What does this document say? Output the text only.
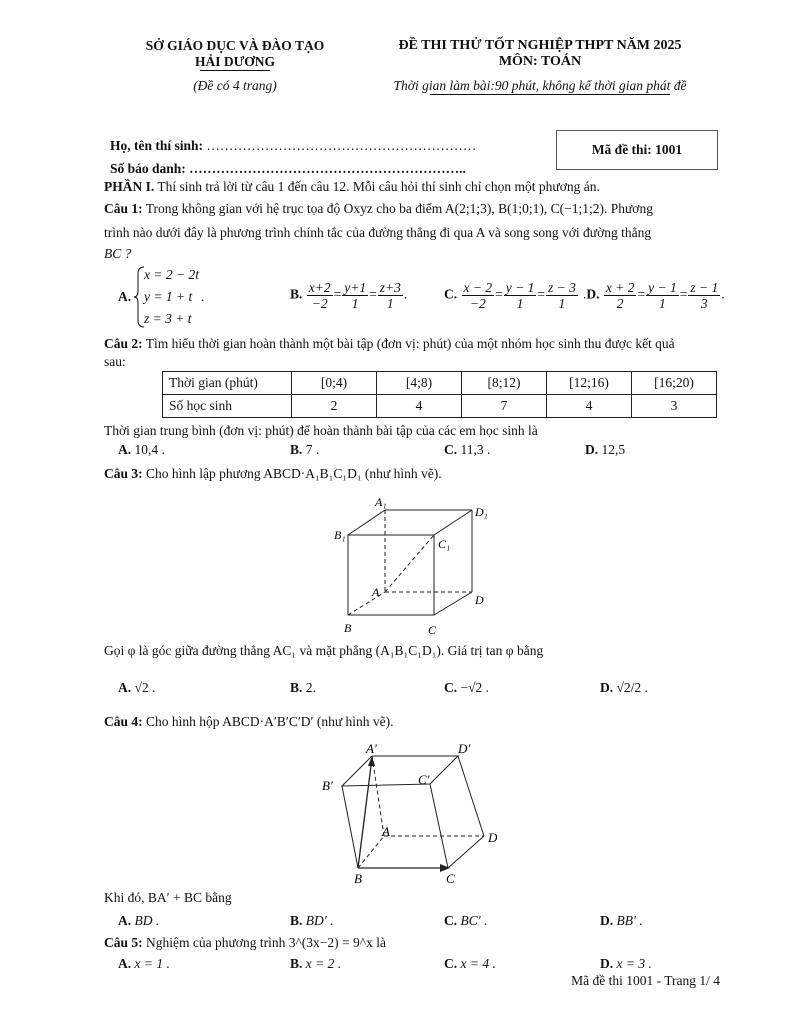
SỞ GIÁO DỤC VÀ ĐÀO TẠO
HẢI DƯƠNG
(Đề có 4 trang)
ĐỀ THI THỬ TỐT NGHIỆP THPT NĂM 2025
MÔN: TOÁN
Thời gian làm bài:90 phút, không kể thời gian phát đề
Họ, tên thí sinh: ……………………………………………………
Số báo danh: ……………………………………………………..
Mã đề thi: 1001
PHẦN I. Thí sinh trả lời từ câu 1 đến câu 12. Mỗi câu hỏi thí sinh chỉ chọn một phương án.
Câu 1: Trong không gian với hệ trục tọa độ Oxyz cho ba điểm A(2;1;3), B(1;0;1), C(−1;1;2). Phương
trình nào dưới đây là phương trình chính tắc của đường thẳng đi qua A và song song với đường thẳng
BC ?
A.
x = 2 − 2t
y = 1 + t
z = 3 + t
.	B. $\frac{x+2}{-2} = \frac{y+1}{1} = \frac{z+3}{1}$ .	C. $\frac{x - 2}{-2} = \frac{y - 1}{1} = \frac{z - 3}{1} .D$. $\frac{x + 2}{2} = \frac{y - 1}{1} = \frac{z - 1}{3}$ .
Câu 2: Tìm hiểu thời gian hoàn thành một bài tập (đơn vị: phút) của một nhóm học sinh thu được kết quả
sau:
Thời gian (phút)	[0;4)	[4;8)	[8;12)	[12;16)	[16;20)
Số học sinh	2	4	7	4	3
Thời gian trung bình (đơn vị: phút) để hoàn thành bài tập của các em học sinh là
A. 10,4 .	B. 7 .	C. 11,3 .	D. 12,5
Câu 3: Cho hình lập phương ABCD·A₁B₁C₁D₁ (như hình vẽ).
A₁
D₁
B₁
C₁
A
D
B	C
Gọi φ là góc giữa đường thẳng AC₁ và mặt phẳng (A₁B₁C₁D₁). Giá trị tan φ bằng
A. √2 .	B. 2.	C. −√2 .	D. √2/2 .
Câu 4: Cho hình hộp ABCD·A′B′C′D′ (như hình vẽ).
A′	D′
B′	C′
A	D
B	C
Khi đó, BA′ + BC bằng
A. BD .	B. BD′ .	C. BC′ .	D. BB′ .
Câu 5: Nghiệm của phương trình 3^(3x−2) = 9^x là
A. x = 1 .	B. x = 2 .	C. x = 4 .	D. x = 3 .
Mã đề thi 1001 - Trang 1/ 4
